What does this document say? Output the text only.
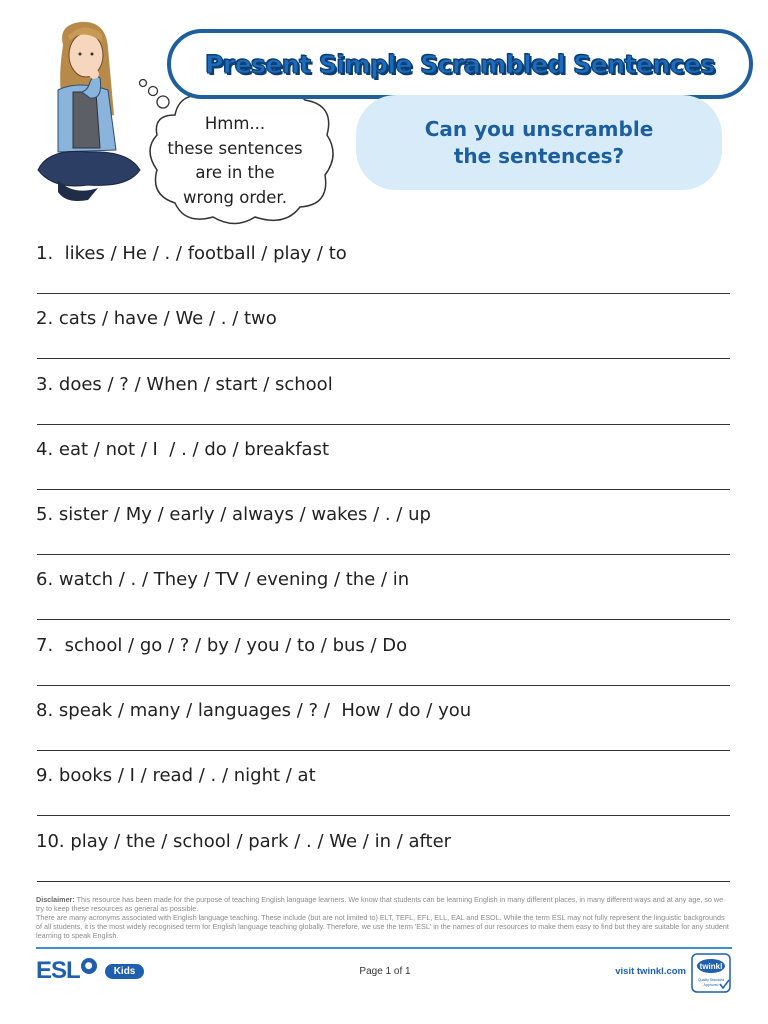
Hmm...
these sentences
are in the
wrong order.
Present Simple Scrambled Sentences
Can you unscramble
the sentences?
1.  likes / He / . / football / play / to
2. cats / have / We / . / two
3. does / ? / When / start / school
4. eat / not / I  / . / do / breakfast
5. sister / My / early / always / wakes / . / up
6. watch / . / They / TV / evening / the / in
7.  school / go / ? / by / you / to / bus / Do
8. speak / many / languages / ? /  How / do / you
9. books / I / read / . / night / at
10. play / the / school / park / . / We / in / after
Disclaimer: This resource has been made for the purpose of teaching English language learners. We know that students can be learning English in many different places, in many different ways and at any age, so we try to keep these resources as general as possible.
There are many acronyms associated with English language teaching. These include (but are not limited to) ELT, TEFL, EFL, ELL, EAL and ESOL. While the term ESL may not fully represent the linguistic backgrounds of all students, it is the most widely recognised term for English language teaching globally. Therefore, we use the term 'ESL' in the names of our resources to make them easy to find but they are suitable for any student learning to speak English.
ESL ●	Kids	Page 1 of 1	visit twinkl.com twinkl
Quality Standard
Approved
